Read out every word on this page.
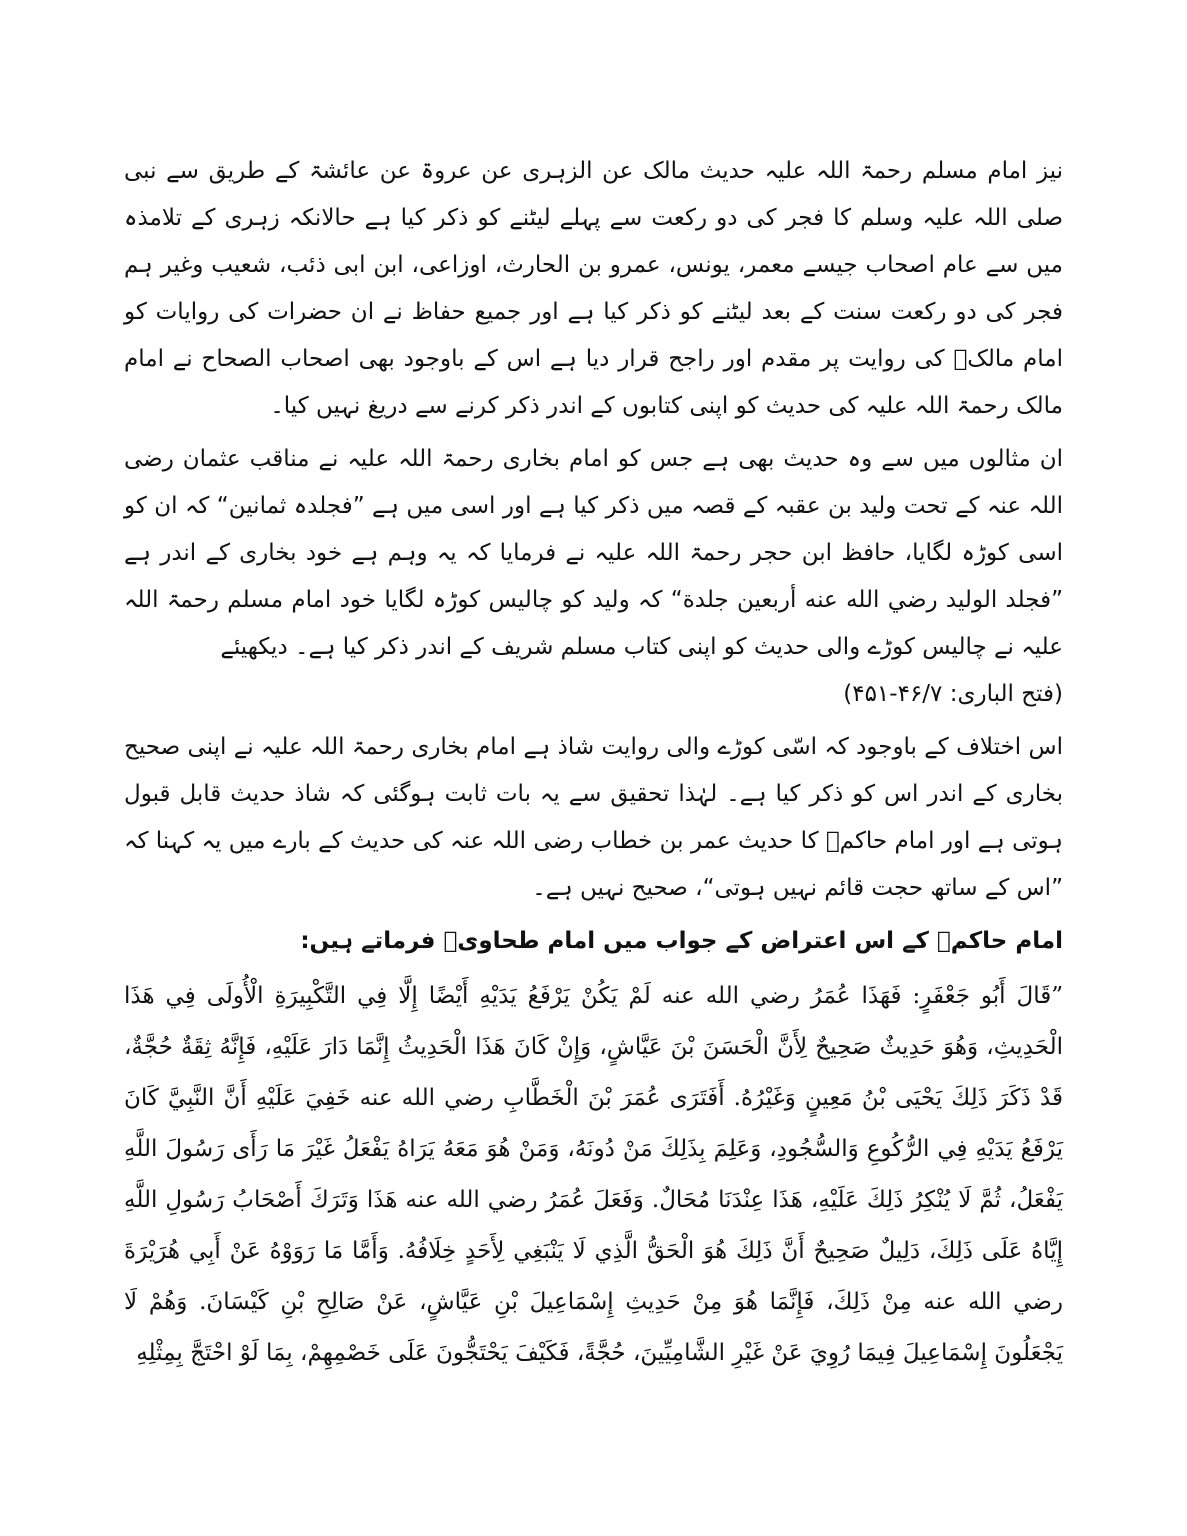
نیز امام مسلم رحمۃ اللہ علیہ حدیث مالک عن الزہری عن عروۃ عن عائشۃ کے طریق سے نبی صلی اللہ علیہ وسلم کا فجر کی دو رکعت سے پہلے لیٹنے کو ذکر کیا ہے حالانکہ زہری کے تلامذہ میں سے عام اصحاب جیسے معمر، یونس، عمرو بن الحارث، اوزاعی، ابن ابی ذئب، شعیب وغیر ہم فجر کی دو رکعت سنت کے بعد لیٹنے کو ذکر کیا ہے اور جمیع حفاظ نے ان حضرات کی روایات کو امام مالکؒ کی روایت پر مقدم اور راجح قرار دیا ہے اس کے باوجود بھی اصحاب الصحاح نے امام مالک رحمۃ اللہ علیہ کی حدیث کو اپنی کتابوں کے اندر ذکر کرنے سے دریغ نہیں کیا۔

ان مثالوں میں سے وہ حدیث بھی ہے جس کو امام بخاری رحمۃ اللہ علیہ نے مناقب عثمان رضی اللہ عنہ کے تحت ولید بن عقبہ کے قصہ میں ذکر کیا ہے اور اسی میں ہے ”فجلدہ ثمانین“ کہ ان کو اسی کوڑہ لگایا، حافظ ابن حجر رحمۃ اللہ علیہ نے فرمایا کہ یہ وہم ہے خود بخاری کے اندر ہے ”فجلد الوليد رضي الله عنه أربعين جلدة“ کہ ولید کو چالیس کوڑہ لگایا خود امام مسلم رحمۃ اللہ علیہ نے چالیس کوڑے والی حدیث کو اپنی کتاب مسلم شریف کے اندر ذکر کیا ہے۔ دیکھیئے
(فتح الباری: ۴۶/۷-۴۵۱)

اس اختلاف کے باوجود کہ اسّی کوڑے والی روایت شاذ ہے امام بخاری رحمۃ اللہ علیہ نے اپنی صحیح بخاری کے اندر اس کو ذکر کیا ہے۔ لہٰذا تحقیق سے یہ بات ثابت ہوگئی کہ شاذ حدیث قابل قبول ہوتی ہے اور امام حاکمؒ کا حدیث عمر بن خطاب رضی اللہ عنہ کی حدیث کے بارے میں یہ کہنا کہ ”اس کے ساتھ حجت قائم نہیں ہوتی“، صحیح نہیں ہے۔

امام حاکمؒ کے اس اعتراض کے جواب میں امام طحاویؒ فرماتے ہیں:

”قَالَ أَبُو جَعْفَرٍ: فَهَذَا عُمَرُ رضي الله عنه لَمْ يَكُنْ يَرْفَعُ يَدَيْهِ أَيْضًا إِلَّا فِي التَّكْبِيرَةِ الْأُولَى فِي هَذَا الْحَدِيثِ، وَهُوَ حَدِيثٌ صَحِيحٌ لِأَنَّ الْحَسَنَ بْنَ عَيَّاشٍ، وَإِنْ كَانَ هَذَا الْحَدِيثُ إِنَّمَا دَارَ عَلَيْهِ، فَإِنَّهُ ثِقَةٌ حُجَّةٌ، قَدْ ذَكَرَ ذَلِكَ يَحْيَى بْنُ مَعِينٍ وَغَيْرُهُ. أَفَتَرَى عُمَرَ بْنَ الْخَطَّابِ رضي الله عنه خَفِيَ عَلَيْهِ أَنَّ النَّبِيَّ كَانَ يَرْفَعُ يَدَيْهِ فِي الرُّكُوعِ وَالسُّجُودِ، وَعَلِمَ بِذَلِكَ مَنْ دُونَهُ، وَمَنْ هُوَ مَعَهُ يَرَاهُ يَفْعَلُ غَيْرَ مَا رَأَى رَسُولَ اللَّهِ يَفْعَلُ، ثُمَّ لَا يُنْكِرُ ذَلِكَ عَلَيْهِ، هَذَا عِنْدَنَا مُحَالٌ. وَفَعَلَ عُمَرُ رضي الله عنه هَذَا وَتَرَكَ أَصْحَابُ رَسُولِ اللَّهِ إِيَّاهُ عَلَى ذَلِكَ، دَلِيلٌ صَحِيحٌ أَنَّ ذَلِكَ هُوَ الْحَقُّ الَّذِي لَا يَنْبَغِي لِأَحَدٍ خِلَافُهُ. وَأَمَّا مَا رَوَوْهُ عَنْ أَبِي هُرَيْرَةَ رضي الله عنه مِنْ ذَلِكَ، فَإِنَّمَا هُوَ مِنْ حَدِيثِ إِسْمَاعِيلَ بْنِ عَيَّاشٍ، عَنْ صَالِحِ بْنِ كَيْسَانَ. وَهُمْ لَا يَجْعَلُونَ إِسْمَاعِيلَ فِيمَا رُوِيَ عَنْ غَيْرِ الشَّامِيِّينَ، حُجَّةً، فَكَيْفَ يَحْتَجُّونَ عَلَى خَصْمِهِمْ، بِمَا لَوْ احْتَجَّ بِمِثْلِهِ
